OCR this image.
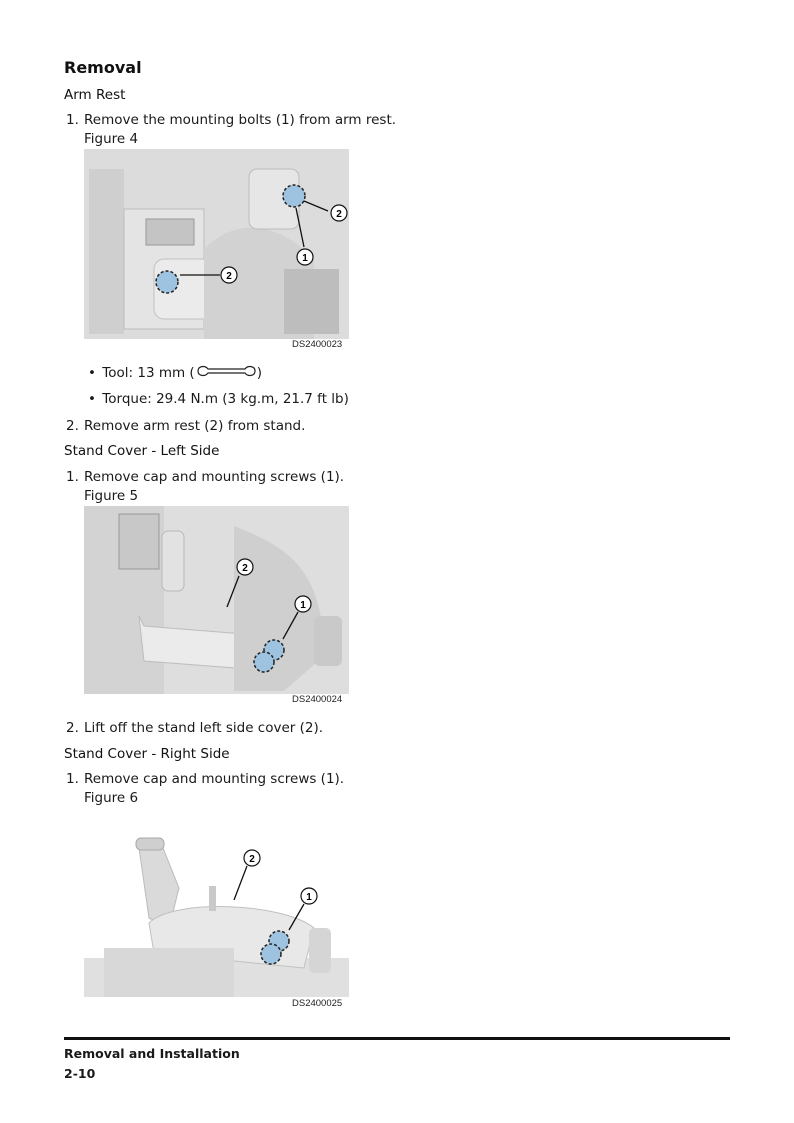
Removal
Arm Rest
1. Remove the mounting bolts (1) from arm rest.
Figure 4
2
2
1
DS2400023
• Tool: 13 mm (	)
• Torque: 29.4 N.m (3 kg.m, 21.7 ft lb)
2. Remove arm rest (2) from stand.
Stand Cover - Left Side
1. Remove cap and mounting screws (1).
Figure 5
2
1
DS2400024
2. Lift off the stand left side cover (2).
Stand Cover - Right Side
1. Remove cap and mounting screws (1).
Figure 6
2
1
DS2400025
Removal and Installation
2-10
